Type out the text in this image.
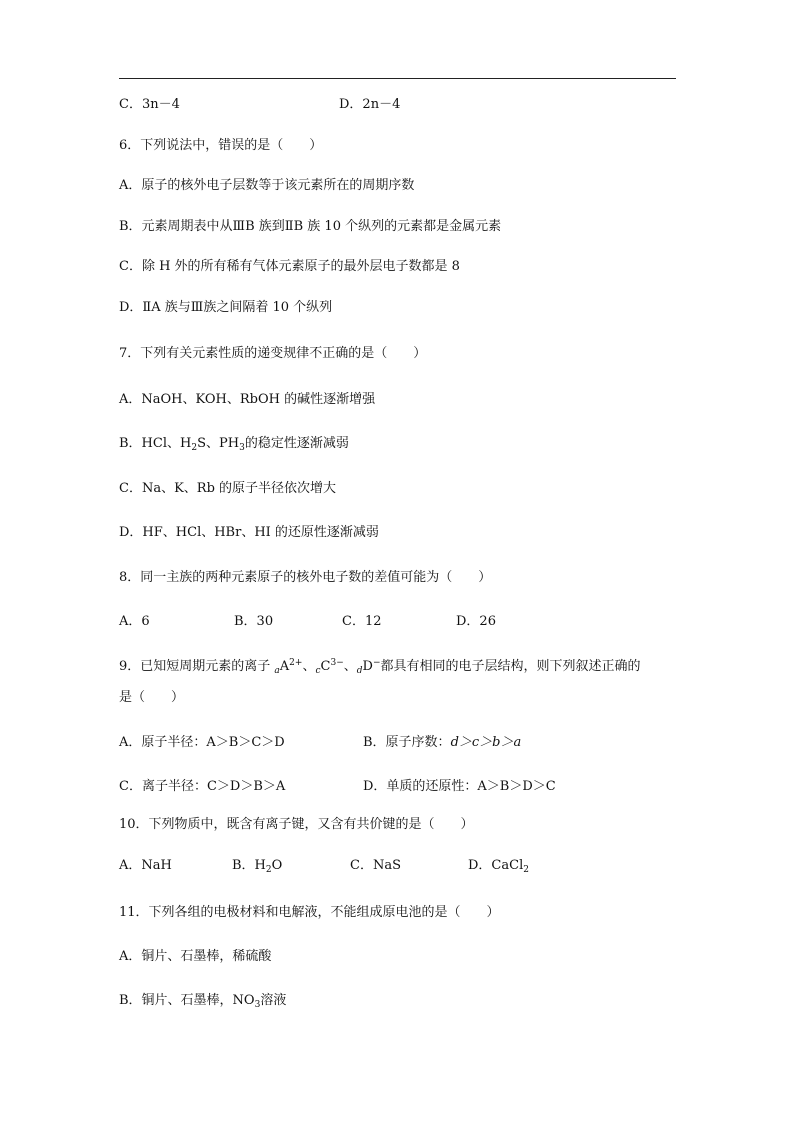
C．3n－4	D．2n－4
6．下列说法中，错误的是（　　）
A．原子的核外电子层数等于该元素所在的周期序数
B．元素周期表中从ⅢB 族到ⅡB 族 10 个纵列的元素都是金属元素
C．除 H 外的所有稀有气体元素原子的最外层电子数都是 8
D．ⅡA 族与Ⅲ族之间隔着 10 个纵列
7．下列有关元素性质的递变规律不正确的是（　　）
A．NaOH、KOH、RbOH 的碱性逐渐增强
B．HCl、$H_2S$、$PH_3$的稳定性逐渐减弱
C．Na、K、Rb 的原子半径依次增大
D．HF、HCl、HBr、HI 的还原性逐渐减弱
8．同一主族的两种元素原子的核外电子数的差值可能为（　　）
A．6	B．30	C．12	D．26
9．已知短周期元素的离子 $_aA^{2+}$、$_cC^{3-}$、$_d$D−都具有相同的电子层结构，则下列叙述正确的
是（　　）
A．原子半径：A＞B＞C＞D	B．原子序数：d＞c＞b＞a
C．离子半径：C＞D＞B＞A	D．单质的还原性：A＞B＞D＞C
10．下列物质中，既含有离子键，又含有共价键的是（　　）
A．NaH	B．$H_2O$	C．NaS	D．CaCl$_2$
11．下列各组的电极材料和电解液，不能组成原电池的是（　　）
A．铜片、石墨棒，稀硫酸
B．铜片、石墨棒，$NO_3$溶液
